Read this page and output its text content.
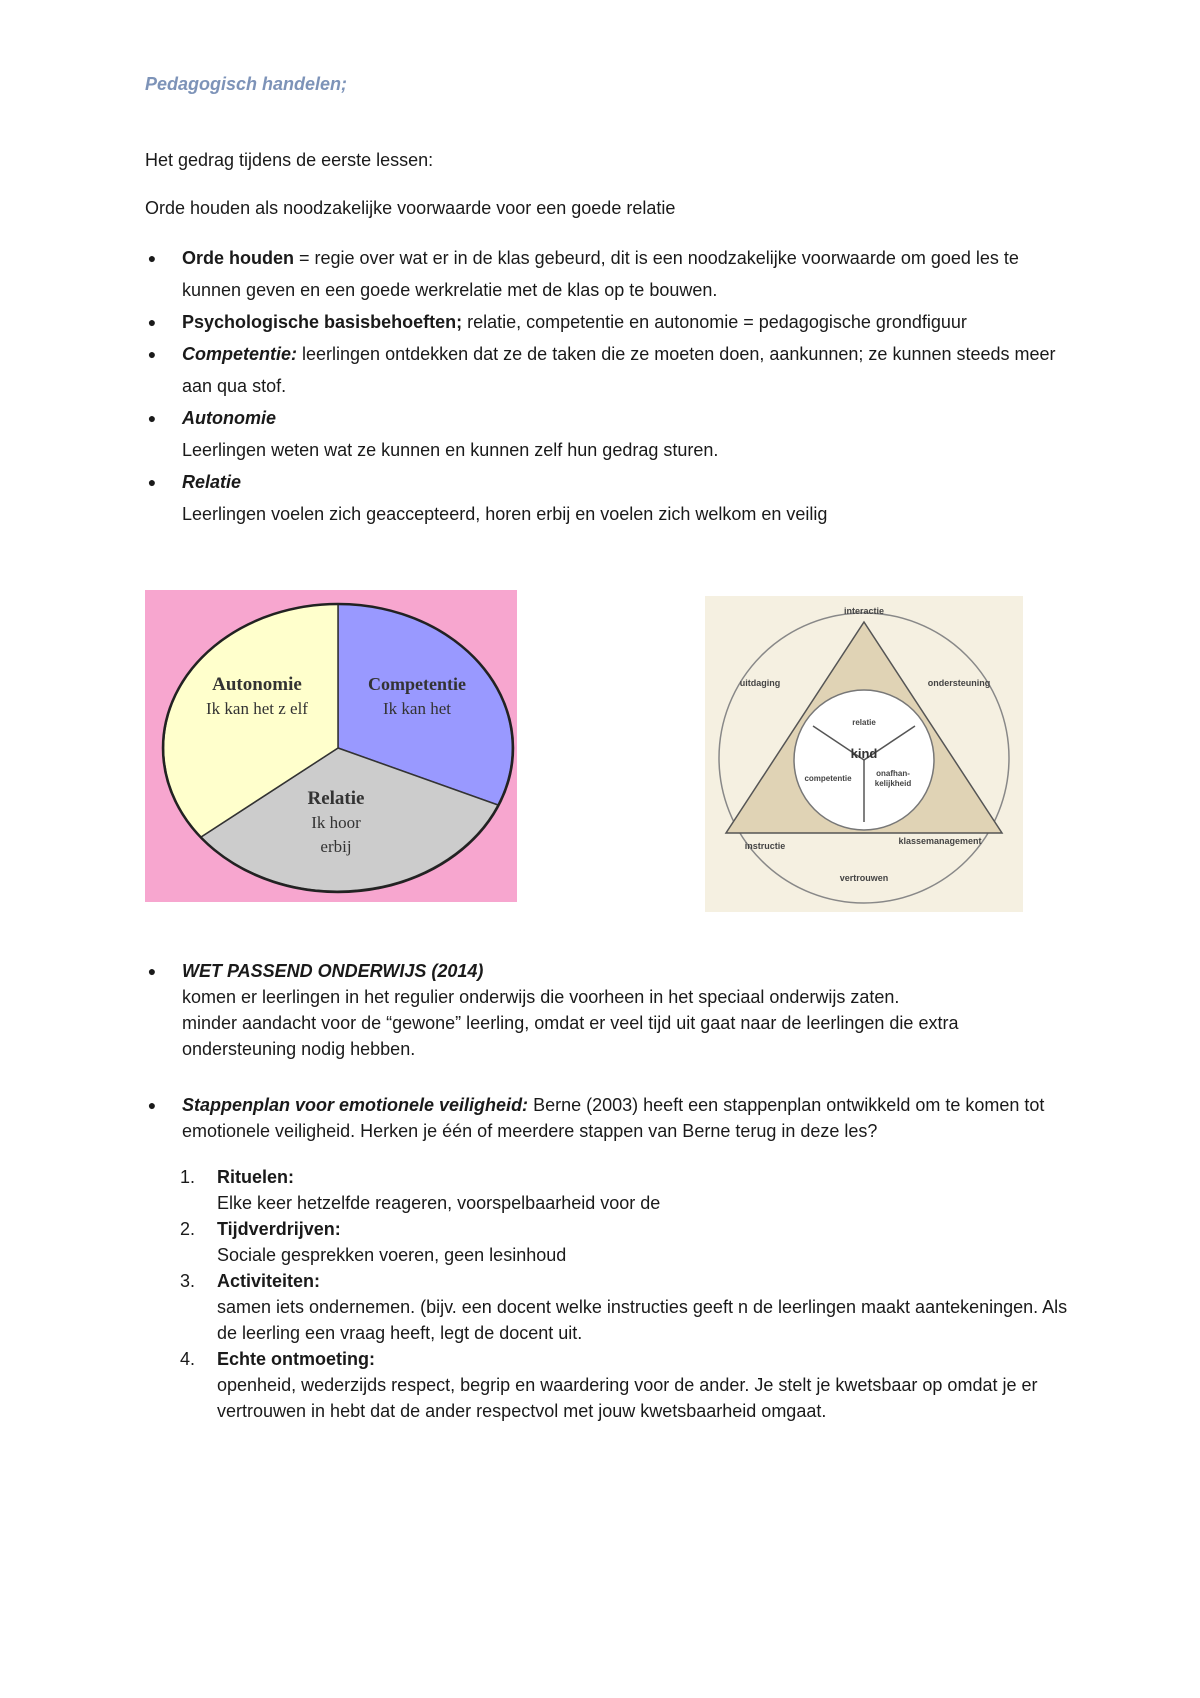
Pedagogisch handelen;

Het gedrag tijdens de eerste lessen:

Orde houden als noodzakelijke voorwaarde voor een goede relatie

● Orde houden = regie over wat er in de klas gebeurd, dit is een noodzakelijke voorwaarde om goed les te kunnen geven en een goede werkrelatie met de klas op te bouwen.
● Psychologische basisbehoeften; relatie, competentie en autonomie = pedagogische grondfiguur
● Competentie: leerlingen ontdekken dat ze de taken die ze moeten doen, aankunnen; ze kunnen steeds meer aan qua stof.
● Autonomie
Leerlingen weten wat ze kunnen en kunnen zelf hun gedrag sturen.
● Relatie
Leerlingen voelen zich geaccepteerd, horen erbij en voelen zich welkom en veilig
Autonomie
Ik kan het z elf
Competentie
Ik kan het
Relatie
Ik hoor
erbij
interactie
uitdaging	ondersteuning
relatie
kind
competentie
onafhan-
kelijkheid
instructie	klassemanagement
vertrouwen
● WET PASSEND ONDERWIJS (2014)
komen er leerlingen in het regulier onderwijs die voorheen in het speciaal onderwijs zaten.
minder aandacht voor de “gewone” leerling, omdat er veel tijd uit gaat naar de leerlingen die extra ondersteuning nodig hebben.
● Stappenplan voor emotionele veiligheid: Berne (2003) heeft een stappenplan ontwikkeld om te komen tot emotionele veiligheid. Herken je één of meerdere stappen van Berne terug in deze les?
1. Rituelen:
Elke keer hetzelfde reageren, voorspelbaarheid voor de
2. Tijdverdrijven:
Sociale gesprekken voeren, geen lesinhoud
3. Activiteiten:
samen iets ondernemen. (bijv. een docent welke instructies geeft n de leerlingen maakt aantekeningen. Als de leerling een vraag heeft, legt de docent uit.
4. Echte ontmoeting:
openheid, wederzijds respect, begrip en waardering voor de ander. Je stelt je kwetsbaar op omdat je er vertrouwen in hebt dat de ander respectvol met jouw kwetsbaarheid omgaat.
